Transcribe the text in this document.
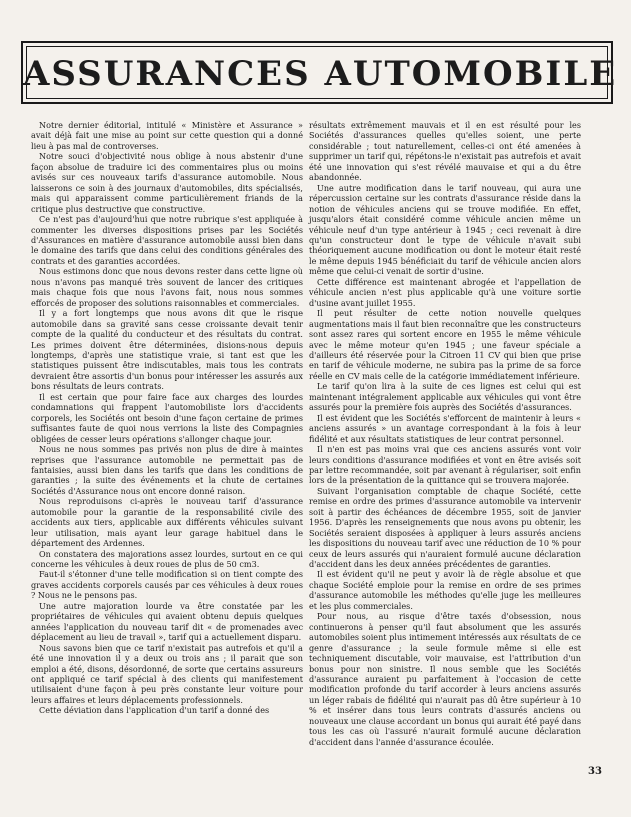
ASSURANCES AUTOMOBILE

Notre dernier éditorial, intitulé « Ministère et Assurance » avait déjà fait une mise au point sur cette question qui a donné lieu à pas mal de controverses.

Notre souci d'objectivité nous oblige à nous abstenir d'une façon absolue de traduire ici des commentaires plus ou moins avisés sur ces nouveaux tarifs d'assurance automobile. Nous laisserons ce soin à des journaux d'automobiles, dits spécialisés, mais qui apparaissent comme particulièrement friands de la critique plus destructive que constructive.

Ce n'est pas d'aujourd'hui que notre rubrique s'est appliquée à commenter les diverses dispositions prises par les Sociétés d'Assurances en matière d'assurance automobile aussi bien dans le domaine des tarifs que dans celui des conditions générales des contrats et des garanties accordées.

Nous estimons donc que nous devons rester dans cette ligne où nous n'avons pas manqué très souvent de lancer des critiques mais chaque fois que nous l'avons fait, nous nous sommes efforcés de proposer des solutions raisonnables et commerciales.

Il y a fort longtemps que nous avons dit que le risque automobile dans sa gravité sans cesse croissante devait tenir compte de la qualité du conducteur et des résultats du contrat. Les primes doivent être déterminées, disions-nous depuis longtemps, d'après une statistique vraie, si tant est que les statistiques puissent être indiscutables, mais tous les contrats devraient être assortis d'un bonus pour intéresser les assurés aux bons résultats de leurs contrats.

Il est certain que pour faire face aux charges des lourdes condamnations qui frappent l'automobiliste lors d'accidents corporels, les Sociétés ont besoin d'une façon certaine de primes suffisantes faute de quoi nous verrions la liste des Compagnies obligées de cesser leurs opérations s'allonger chaque jour.

Nous ne nous sommes pas privés non plus de dire à maintes reprises que l'assurance automobile ne permettait pas de fantaisies, aussi bien dans les tarifs que dans les conditions de garanties ; la suite des événements et la chute de certaines Sociétés d'Assurance nous ont encore donné raison.

Nous reproduisons ci-après le nouveau tarif d'assurance automobile pour la garantie de la responsabilité civile des accidents aux tiers, applicable aux différents véhicules suivant leur utilisation, mais ayant leur garage habituel dans le département des Ardennes.

On constatera des majorations assez lourdes, surtout en ce qui concerne les véhicules à deux roues de plus de 50 cm3.

Faut-il s'étonner d'une telle modification si on tient compte des graves accidents corporels causés par ces véhicules à deux roues ? Nous ne le pensons pas.

Une autre majoration lourde va être constatée par les propriétaires de véhicules qui avaient obtenu depuis quelques années l'application du nouveau tarif dit « de promenades avec déplacement au lieu de travail », tarif qui a actuellement disparu.

Nous savons bien que ce tarif n'existait pas autrefois et qu'il a été une innovation il y a deux ou trois ans ; il parait que son emploi a été, disons, désordonné, de sorte que certains assureurs ont appliqué ce tarif spécial à des clients qui manifestement utilisaient d'une façon à peu près constante leur voiture pour leurs affaires et leurs déplacements professionnels.

Cette déviation dans l'application d'un tarif a donné des

résultats extrêmement mauvais et il en est résulté pour les Sociétés d'assurances quelles qu'elles soient, une perte considérable ; tout naturellement, celles-ci ont été amenées à supprimer un tarif qui, répétons-le n'existait pas autrefois et avait été une innovation qui s'est révélé mauvaise et qui a du être abandonnée.

Une autre modification dans le tarif nouveau, qui aura une répercussion certaine sur les contrats d'assurance réside dans la notion de véhicules anciens qui se trouve modifiée. En effet, jusqu'alors était considéré comme véhicule ancien même un véhicule neuf d'un type antérieur à 1945 ; ceci revenait à dire qu'un constructeur dont le type de véhicule n'avait subi théoriquement aucune modification ou dont le moteur était resté le même depuis 1945 bénéficiait du tarif de véhicule ancien alors même que celui-ci venait de sortir d'usine.

Cette différence est maintenant abrogée et l'appellation de véhicule ancien n'est plus applicable qu'à une voiture sortie d'usine avant juillet 1955.

Il peut résulter de cette notion nouvelle quelques augmentations mais il faut bien reconnaître que les constructeurs sont assez rares qui sortent encore en 1955 le même véhicule avec le même moteur qu'en 1945 ; une faveur spéciale a d'ailleurs été réservée pour la Citroen 11 CV qui bien que prise en tarif de véhicule moderne, ne subira pas la prime de sa force réelle en CV mais celle de la catégorie immédiatement inférieure.

Le tarif qu'on lira à la suite de ces lignes est celui qui est maintenant intégralement applicable aux véhicules qui vont être assurés pour la première fois auprès des Sociétés d'assurances.

Il est évident que les Sociétés s'efforcent de maintenir à leurs « anciens assurés » un avantage correspondant à la fois à leur fidélité et aux résultats statistiques de leur contrat personnel.

Il n'en est pas moins vrai que ces anciens assurés vont voir leurs conditions d'assurance modifiées et vont en être avisés soit par lettre recommandée, soit par avenant à régulariser, soit enfin lors de la présentation de la quittance qui se trouvera majorée.

Suivant l'organisation comptable de chaque Société, cette remise en ordre des primes d'assurance automobile va intervenir soit à partir des échéances de décembre 1955, soit de janvier 1956. D'après les renseignements que nous avons pu obtenir, les Sociétés seraient disposées à appliquer à leurs assurés anciens les dispositions du nouveau tarif avec une réduction de 10 % pour ceux de leurs assurés qui n'auraient formulé aucune déclaration d'accident dans les deux années précédentes de garanties.

Il est évident qu'il ne peut y avoir là de règle absolue et que chaque Société emploie pour la remise en ordre de ses primes d'assurance automobile les méthodes qu'elle juge les meilleures et les plus commerciales.

Pour nous, au risque d'être taxés d'obsession, nous continuerons à penser qu'il faut absolument que les assurés automobiles soient plus intimement intéressés aux résultats de ce genre d'assurance ; la seule formule même si elle est techniquement discutable, voir mauvaise, est l'attribution d'un bonus pour non sinistre. Il nous semble que les Sociétés d'assurance auraient pu parfaitement à l'occasion de cette modification profonde du tarif accorder à leurs anciens assurés un léger rabais de fidélité qui n'aurait pas dû être supérieur à 10 % et insérer dans tous leurs contrats d'assurés anciens ou nouveaux une clause accordant un bonus qui aurait été payé dans tous les cas où l'assuré n'aurait formulé aucune déclaration d'accident dans l'année d'assurance écoulée.

33
